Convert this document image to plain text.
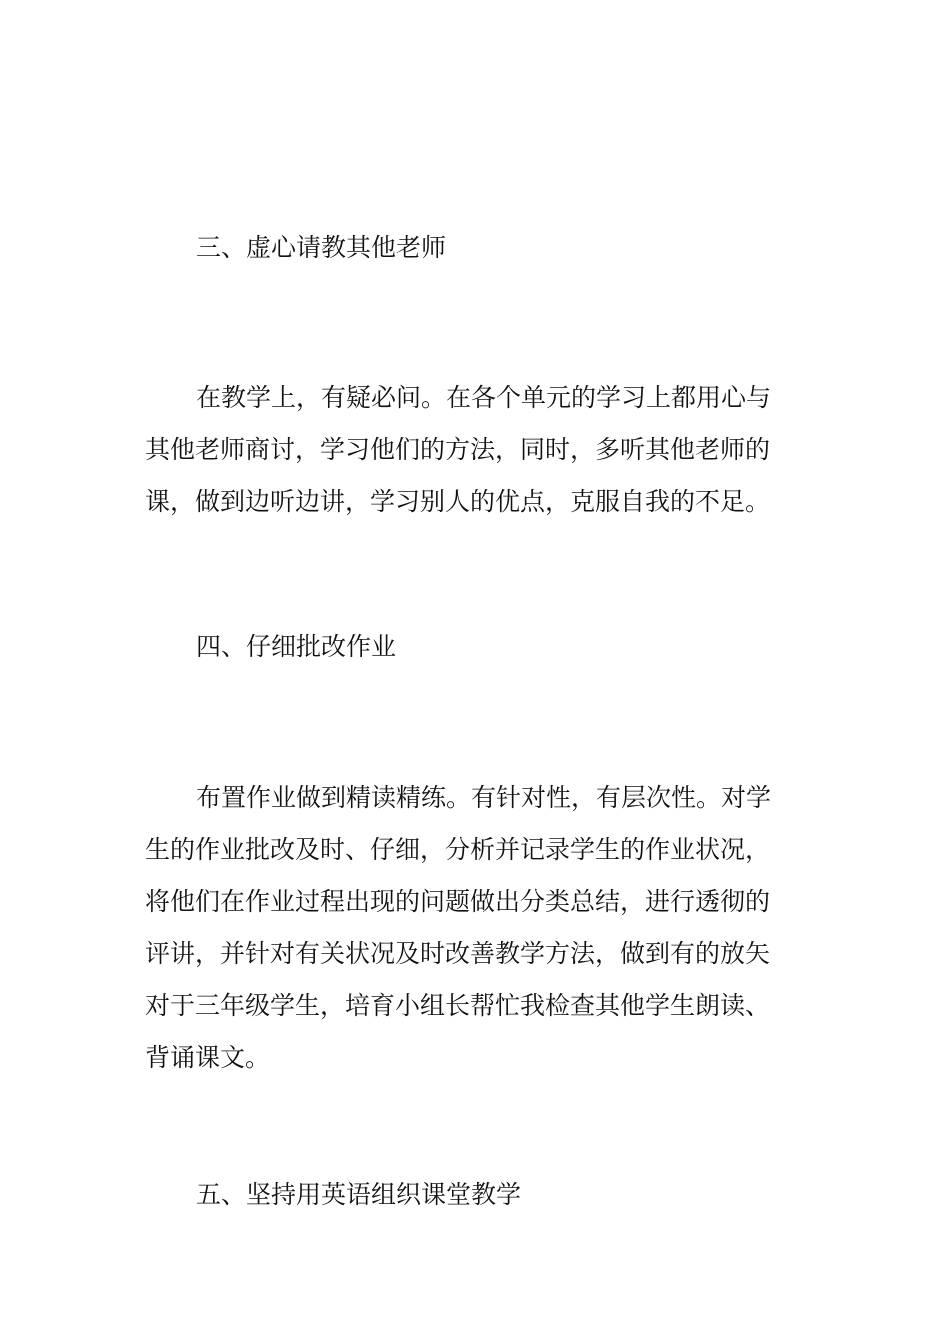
三、虚心请教其他老师
在教学上，有疑必问。在各个单元的学习上都用心与
其他老师商讨，学习他们的方法，同时，多听其他老师的
课，做到边听边讲，学习别人的优点，克服自我的不足。
四、仔细批改作业
布置作业做到精读精练。有针对性，有层次性。对学
生的作业批改及时、仔细，分析并记录学生的作业状况，
将他们在作业过程出现的问题做出分类总结，进行透彻的
评讲，并针对有关状况及时改善教学方法，做到有的放矢
对于三年级学生，培育小组长帮忙我检查其他学生朗读、
背诵课文。
五、坚持用英语组织课堂教学
